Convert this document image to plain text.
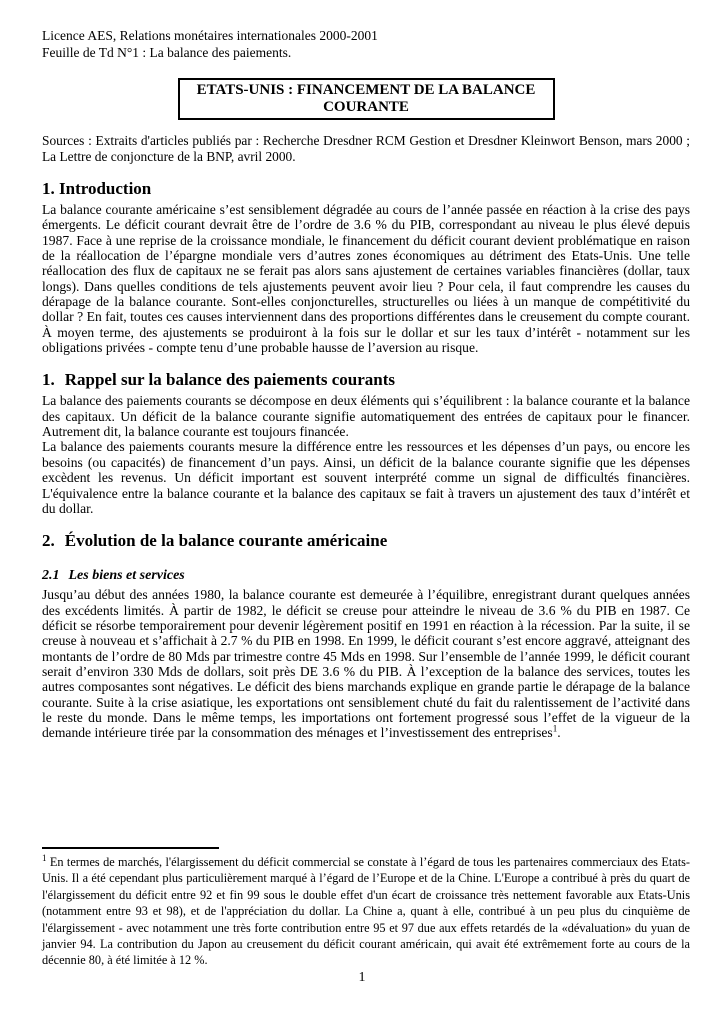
Licence AES, Relations monétaires internationales 2000-2001
Feuille de Td N°1 : La balance des paiements.
ETATS-UNIS : FINANCEMENT DE LA BALANCE COURANTE

Sources : Extraits d'articles publiés par : Recherche Dresdner RCM Gestion et Dresdner Kleinwort Benson, mars 2000 ; La Lettre de conjoncture de la BNP, avril 2000.

1. Introduction

La balance courante américaine s’est sensiblement dégradée au cours de l’année passée en réaction à la crise des pays émergents. Le déficit courant devrait être de l’ordre de 3.6 % du PIB, correspondant au niveau le plus élevé depuis 1987. Face à une reprise de la croissance mondiale, le financement du déficit courant devient problématique en raison de la réallocation de l’épargne mondiale vers d’autres zones économiques au détriment des Etats-Unis. Une telle réallocation des flux de capitaux ne se ferait pas alors sans ajustement de certaines variables financières (dollar, taux longs). Dans quelles conditions de tels ajustements peuvent avoir lieu ? Pour cela, il faut comprendre les causes du dérapage de la balance courante. Sont-elles conjoncturelles, structurelles ou liées à un manque de compétitivité du dollar ? En fait, toutes ces causes interviennent dans des proportions différentes dans le creusement du compte courant. À moyen terme, des ajustements se produiront à la fois sur le dollar et sur les taux d’intérêt - notamment sur les obligations privées - compte tenu d’une probable hausse de l’aversion au risque.

1. Rappel sur la balance des paiements courants

La balance des paiements courants se décompose en deux éléments qui s’équilibrent : la balance courante et la balance des capitaux. Un déficit de la balance courante signifie automatiquement des entrées de capitaux pour le financer. Autrement dit, la balance courante est toujours financée.

La balance des paiements courants mesure la différence entre les ressources et les dépenses d’un pays, ou encore les besoins (ou capacités) de financement d’un pays. Ainsi, un déficit de la balance courante signifie que les dépenses excèdent les revenus. Un déficit important est souvent interprété comme un signal de difficultés financières. L'équivalence entre la balance courante et la balance des capitaux se fait à travers un ajustement des taux d’intérêt et du dollar.

2. Évolution de la balance courante américaine
2.1 Les biens et services

Jusqu’au début des années 1980, la balance courante est demeurée à l’équilibre, enregistrant durant quelques années des excédents limités. À partir de 1982, le déficit se creuse pour atteindre le niveau de 3.6 % du PIB en 1987. Ce déficit se résorbe temporairement pour devenir légèrement positif en 1991 en réaction à la récession. Par la suite, il se creuse à nouveau et s’affichait à 2.7 % du PIB en 1998. En 1999, le déficit courant s’est encore aggravé, atteignant des montants de l’ordre de 80 Mds par trimestre contre 45 Mds en 1998. Sur l’ensemble de l’année 1999, le déficit courant serait d’environ 330 Mds de dollars, soit près DE 3.6 % du PIB. À l’exception de la balance des services, toutes les autres composantes sont négatives. Le déficit des biens marchands explique en grande partie le dérapage de la balance courante. Suite à la crise asiatique, les exportations ont sensiblement chuté du fait du ralentissement de l’activité dans le reste du monde. Dans le même temps, les importations ont fortement progressé sous l’effet de la vigueur de la demande intérieure tirée par la consommation des ménages et l’investissement des entreprises$^1$.

$^1$ En termes de marchés, l'élargissement du déficit commercial se constate à l’égard de tous les partenaires commerciaux des Etats-Unis. Il a été cependant plus particulièrement marqué à l’égard de l’Europe et de la Chine. L'Europe a contribué à près du quart de l'élargissement du déficit entre 92 et fin 99 sous le double effet d'un écart de croissance très nettement favorable aux Etats-Unis (notamment entre 93 et 98), et de l'appréciation du dollar. La Chine a, quant à elle, contribué à un peu plus du cinquième de l'élargissement - avec notamment une très forte contribution entre 95 et 97 due aux effets retardés de la «dévaluation» du yuan de janvier 94. La contribution du Japon au creusement du déficit courant américain, qui avait été extrêmement forte au cours de la décennie 80, à été limitée à 12 %.
1
